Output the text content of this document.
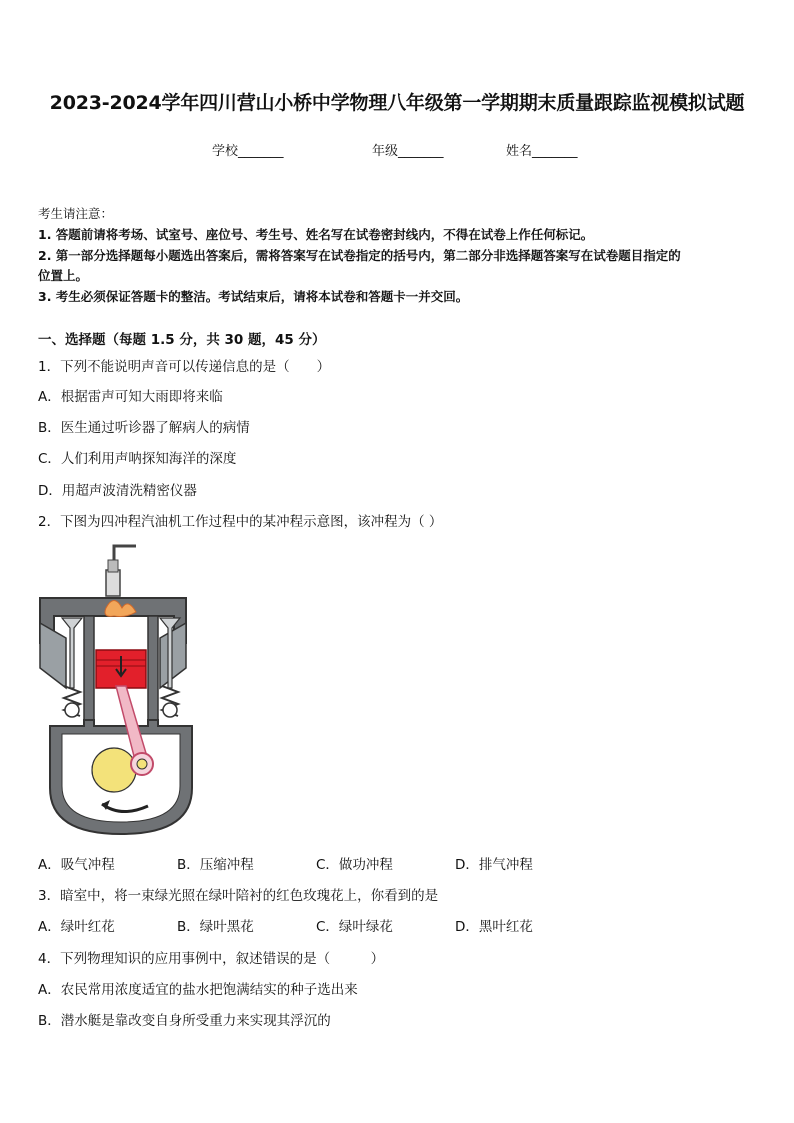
2023-2024学年四川营山小桥中学物理八年级第一学期期末质量跟踪监视模拟试题
学校_______	年级_______	姓名_______
考生请注意：
1. 答题前请将考场、试室号、座位号、考生号、姓名写在试卷密封线内，不得在试卷上作任何标记。
2. 第一部分选择题每小题选出答案后，需将答案写在试卷指定的括号内，第二部分非选择题答案写在试卷题目指定的
位置上。
3. 考生必须保证答题卡的整洁。考试结束后，请将本试卷和答题卡一并交回。
一、选择题（每题 1.5 分，共 30 题，45 分）
1．下列不能说明声音可以传递信息的是（　　）
A．根据雷声可知大雨即将来临
B．医生通过听诊器了解病人的病情
C．人们利用声呐探知海洋的深度
D．用超声波清洗精密仪器
2．下图为四冲程汽油机工作过程中的某冲程示意图，该冲程为（ ）
A．吸气冲程	B．压缩冲程	C．做功冲程	D．排气冲程
3．暗室中，将一束绿光照在绿叶陪衬的红色玫瑰花上，你看到的是
A．绿叶红花	B．绿叶黑花	C．绿叶绿花	D．黑叶红花
4．下列物理知识的应用事例中，叙述错误的是（　　　）
A．农民常用浓度适宜的盐水把饱满结实的种子选出来
B．潜水艇是靠改变自身所受重力来实现其浮沉的
